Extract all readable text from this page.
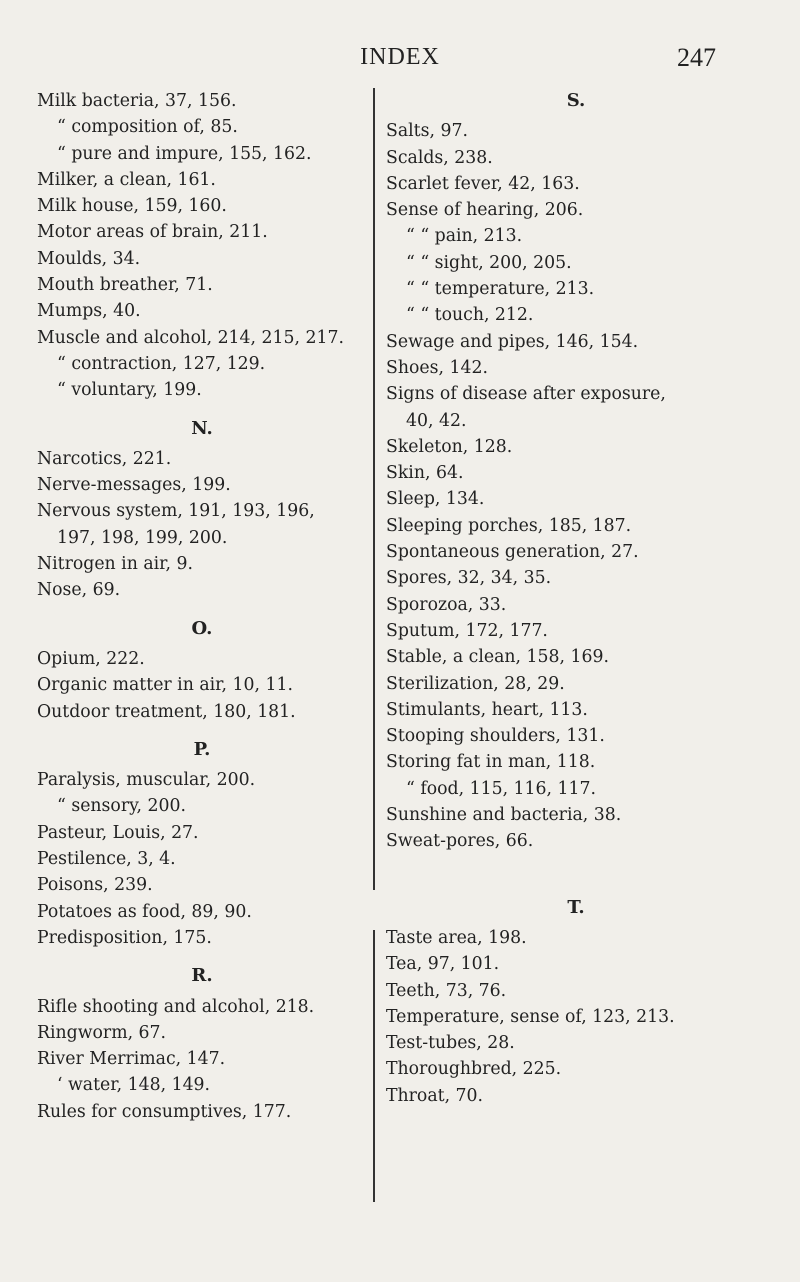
INDEX	247
Milk bacteria, 37, 156.
“ composition of, 85.
“ pure and impure, 155, 162.
Milker, a clean, 161.
Milk house, 159, 160.
Motor areas of brain, 211.
Moulds, 34.
Mouth breather, 71.
Mumps, 40.
Muscle and alcohol, 214, 215, 217.
“ contraction, 127, 129.
“ voluntary, 199.
N.
Narcotics, 221.
Nerve-messages, 199.
Nervous system, 191, 193, 196,
197, 198, 199, 200.
Nitrogen in air, 9.
Nose, 69.
O.
Opium, 222.
Organic matter in air, 10, 11.
Outdoor treatment, 180, 181.
P.
Paralysis, muscular, 200.
“ sensory, 200.
Pasteur, Louis, 27.
Pestilence, 3, 4.
Poisons, 239.
Potatoes as food, 89, 90.
Predisposition, 175.
R.
Rifle shooting and alcohol, 218.
Ringworm, 67.
River Merrimac, 147.
‘ water, 148, 149.
Rules for consumptives, 177.
S.
Salts, 97.
Scalds, 238.
Scarlet fever, 42, 163.
Sense of hearing, 206.
“ “ pain, 213.
“ “ sight, 200, 205.
“ “ temperature, 213.
“ “ touch, 212.
Sewage and pipes, 146, 154.
Shoes, 142.
Signs of disease after exposure,
40, 42.
Skeleton, 128.
Skin, 64.
Sleep, 134.
Sleeping porches, 185, 187.
Spontaneous generation, 27.
Spores, 32, 34, 35.
Sporozoa, 33.
Sputum, 172, 177.
Stable, a clean, 158, 169.
Sterilization, 28, 29.
Stimulants, heart, 113.
Stooping shoulders, 131.
Storing fat in man, 118.
“ food, 115, 116, 117.
Sunshine and bacteria, 38.
Sweat-pores, 66.
T.
Taste area, 198.
Tea, 97, 101.
Teeth, 73, 76.
Temperature, sense of, 123, 213.
Test-tubes, 28.
Thoroughbred, 225.
Throat, 70.
